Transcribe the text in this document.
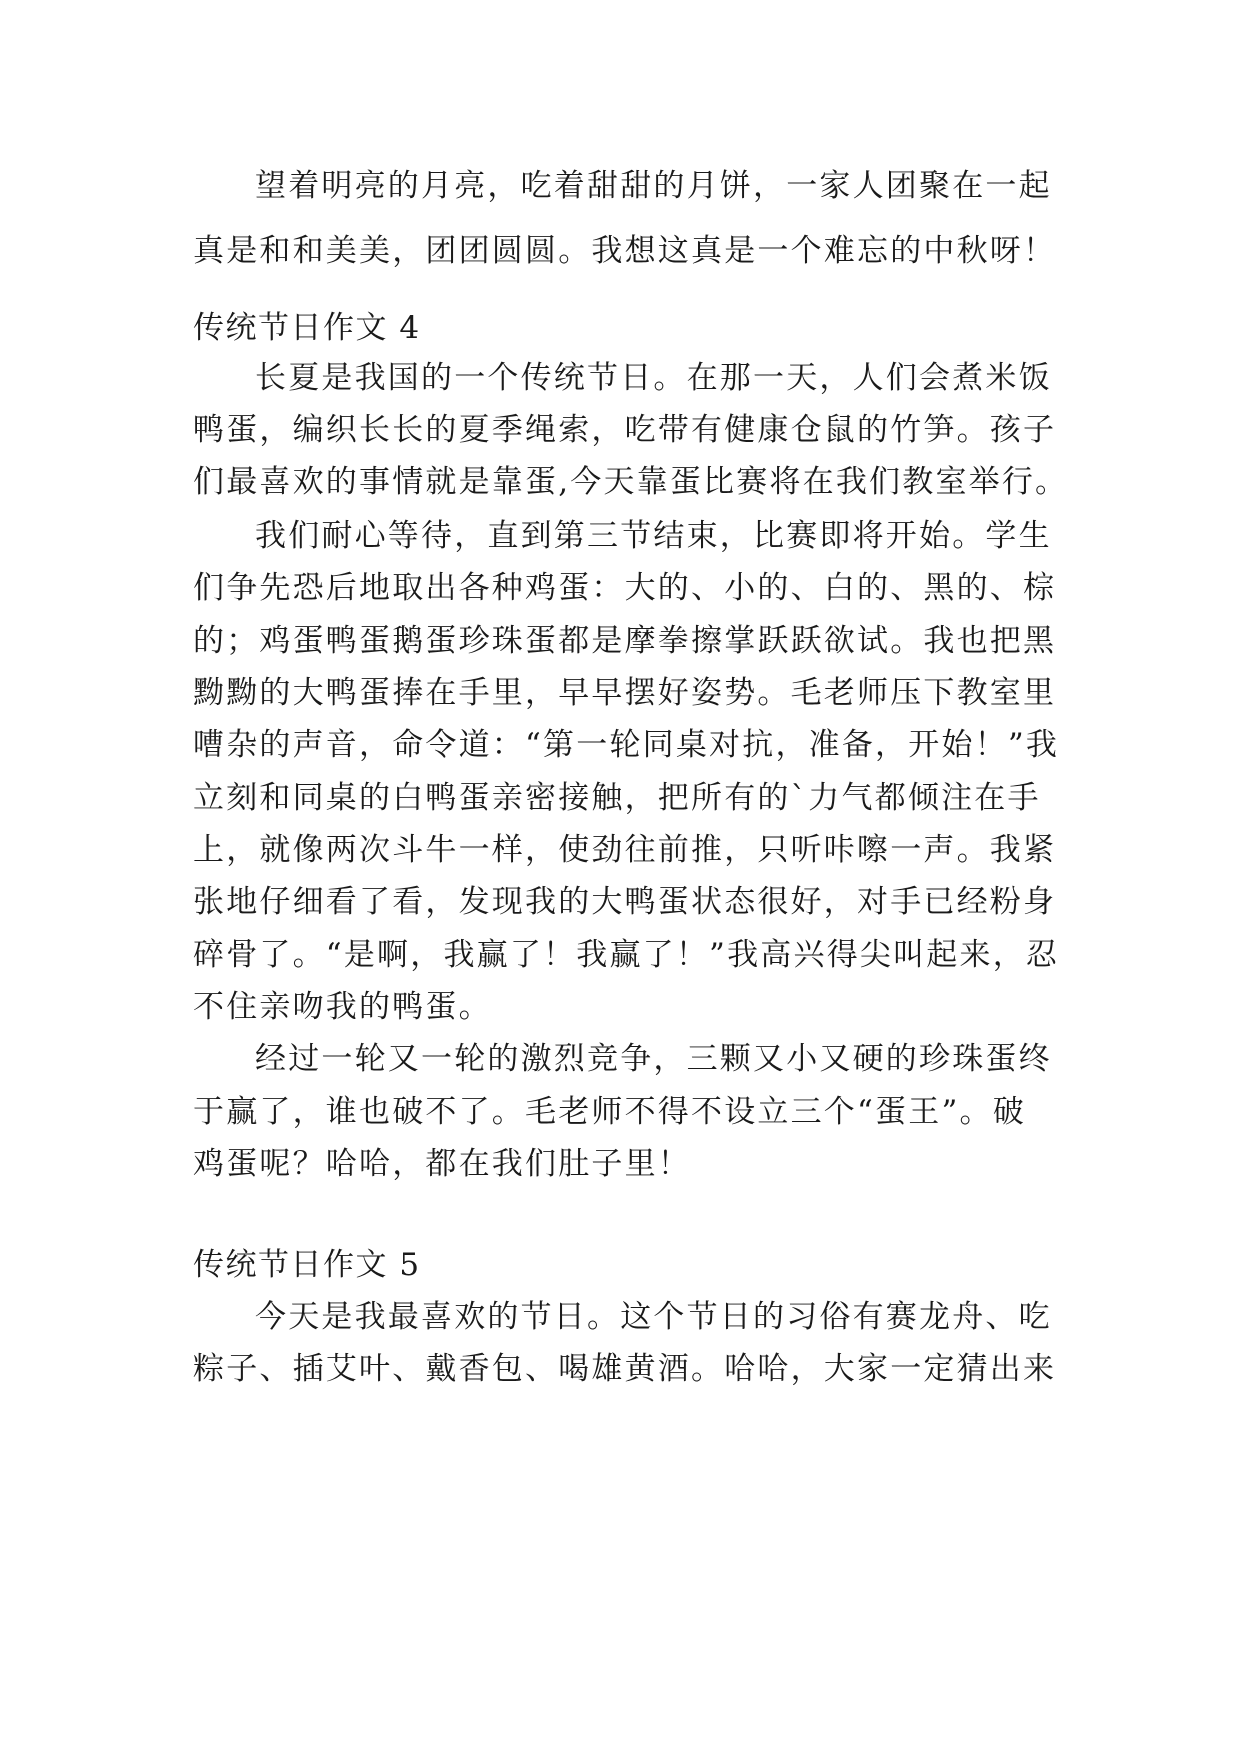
望着明亮的月亮，吃着甜甜的月饼，一家人团聚在一起
真是和和美美，团团圆圆。我想这真是一个难忘的中秋呀！
传统节日作文 4
长夏是我国的一个传统节日。在那一天，人们会煮米饭
鸭蛋，编织长长的夏季绳索，吃带有健康仓鼠的竹笋。孩子
们最喜欢的事情就是靠蛋,今天靠蛋比赛将在我们教室举行。
我们耐心等待，直到第三节结束，比赛即将开始。学生
们争先恐后地取出各种鸡蛋：大的、小的、白的、黑的、棕
的；鸡蛋鸭蛋鹅蛋珍珠蛋都是摩拳擦掌跃跃欲试。我也把黑
黝黝的大鸭蛋捧在手里，早早摆好姿势。毛老师压下教室里
嘈杂的声音，命令道：“第一轮同桌对抗，准备，开始！”我
立刻和同桌的白鸭蛋亲密接触，把所有的`力气都倾注在手
上，就像两次斗牛一样，使劲往前推，只听咔嚓一声。我紧
张地仔细看了看，发现我的大鸭蛋状态很好，对手已经粉身
碎骨了。“是啊，我赢了！我赢了！”我高兴得尖叫起来，忍
不住亲吻我的鸭蛋。
经过一轮又一轮的激烈竞争，三颗又小又硬的珍珠蛋终
于赢了，谁也破不了。毛老师不得不设立三个“蛋王”。破
鸡蛋呢？哈哈，都在我们肚子里！
传统节日作文 5
今天是我最喜欢的节日。这个节日的习俗有赛龙舟、吃
粽子、插艾叶、戴香包、喝雄黄酒。哈哈，大家一定猜出来
